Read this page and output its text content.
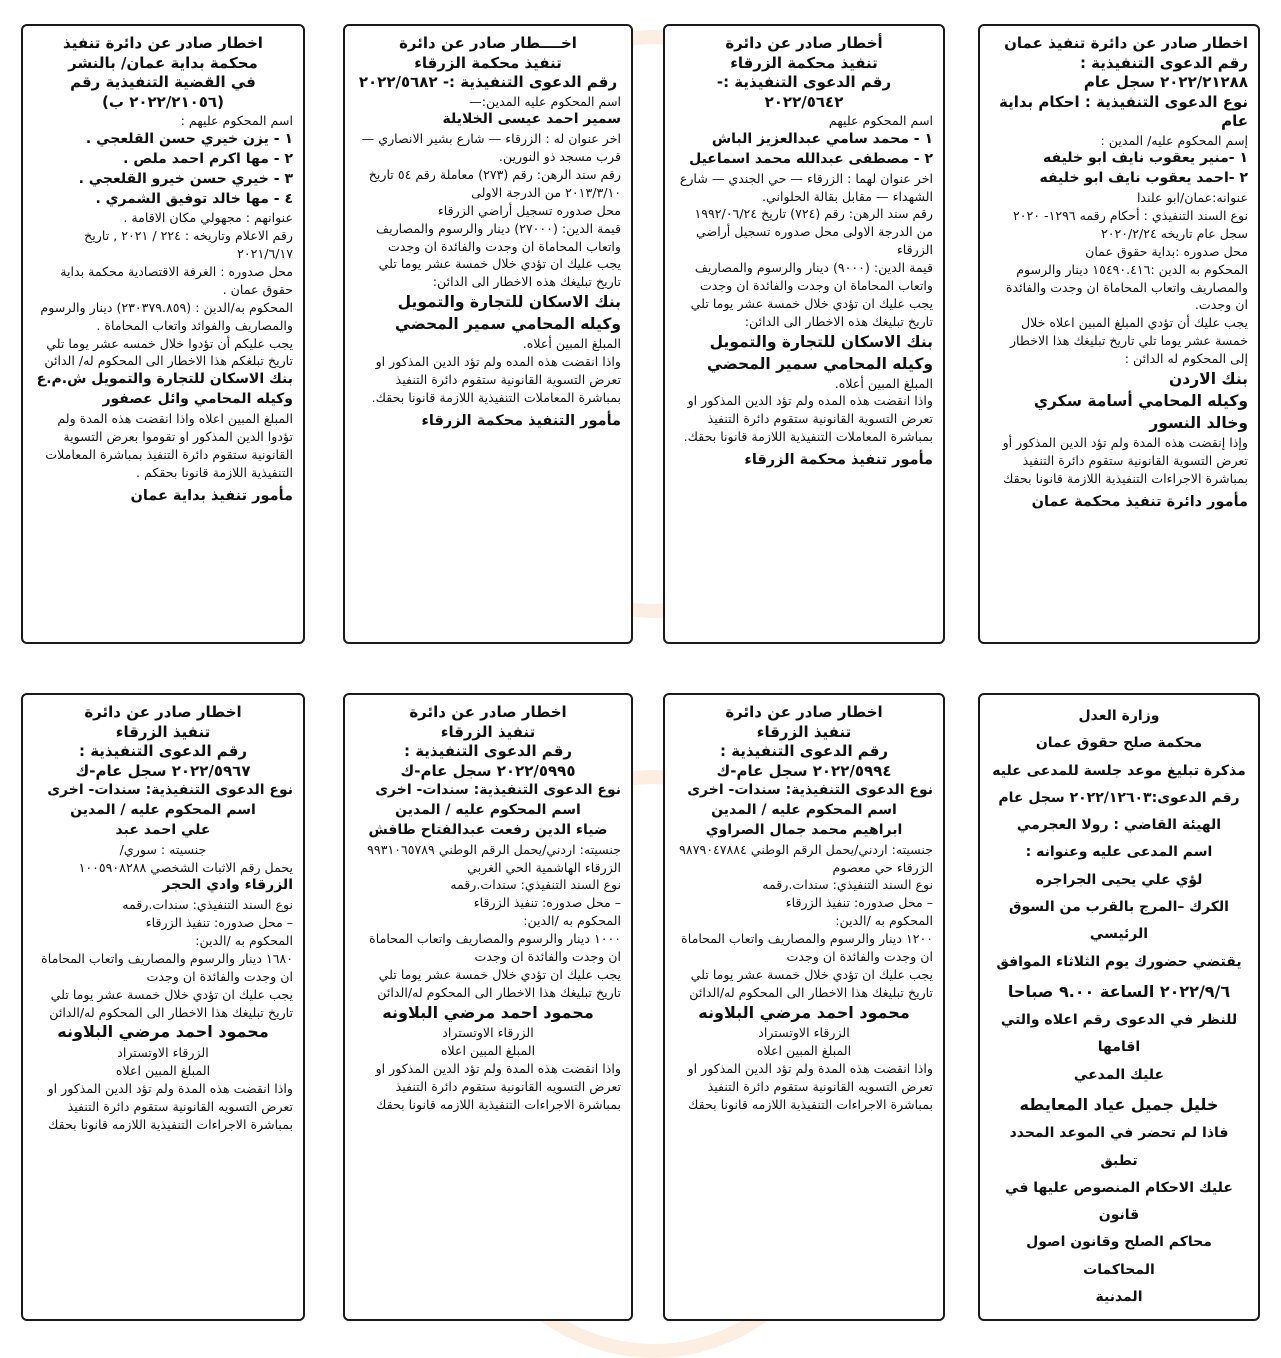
اخطار صادر عن دائرة تنفيذ عمان

رقم الدعوى التنفيذية :

٢٠٢٢/٢١٢٨٨ سجل عام

نوع الدعوى التنفيذية : احكام بداية عام

إسم المحكوم عليه/ المدين :

١ -منير يعقوب نايف ابو خليفه

٢ -احمد يعقوب نايف ابو خليفه

عنوانه:عمان/ابو علندا

نوع السند التنفيذي : أحكام رقمه ١٢٩٦- ٢٠٢٠ سجل عام تاريخه ٢٠٢٠/٢/٢٤

محل صدوره :بداية حقوق عمان

المحكوم به الدين :١٥٤٩٠.٤١٦ دينار والرسوم والمصاريف واتعاب المحاماة ان وجدت والفائدة ان وجدت.

يجب عليك أن تؤدي المبلغ المبين اعلاه خلال خمسة عشر يوما تلي تاريخ تبليغك هذا الاخطار إلى المحكوم له الدائن :

بنك الاردن

وكيله المحامي أسامة سكري وخالد النسور

وإذا إنقضت هذه المدة ولم تؤد الدين المذكور أو تعرض التسوية القانونية ستقوم دائرة التنفيذ بمباشرة الاجراءات التنفيذية اللازمة قانونا بحقك

مأمور دائرة تنفيذ محكمة عمان

أخطار صادر عن دائرة

تنفيذ محكمة الزرقاء

رقم الدعوى التنفيذية :-

٢٠٢٢/٥٦٤٢

اسم المحكوم عليهم

١ - محمد سامي عبدالعزيز الباش

٢ - مصطفى عبدالله محمد اسماعيل

اخر عنوان لهما : الزرقاء — حي الجندي — شارع الشهداء — مقابل بقالة الحلواني.

رقم سند الرهن: رقم (٧٢٤) تاريخ ١٩٩٢/٠٦/٢٤ من الدرجة الاولى محل صدوره تسجيل أراضي الزرقاء

قيمة الدين: (٩٠٠٠) دينار والرسوم والمصاريف واتعاب المحاماة ان وجدت والفائدة ان وجدت

يجب عليك ان تؤدي خلال خمسة عشر يوما تلي تاريخ تبليغك هذه الاخطار الى الدائن:

بنك الاسكان للتجارة والتمويل

وكيله المحامي سمير المحضي

المبلغ المبين أعلاه.

واذا انقضت هذه المده ولم تؤد الدين المذكور او تعرض التسوية القانونية ستقوم دائرة التنفيذ بمباشرة المعاملات التنفيذية اللازمة قانونا بحقك.

مأمور تنفيذ محكمة الزرقاء

اخــــطار صادر عن دائرة

تنفيذ محكمة الزرقاء

رقم الدعوى التنفيذية :- ٢٠٢٢/٥٦٨٢

اسم المحكوم عليه المدين:—

سمير احمد عيسى الخلايلة

اخر عنوان له : الزرقاء — شارع بشير الانصاري — قرب مسجد ذو النورين.

رقم سند الرهن: رقم (٢٧٣) معاملة رقم ٥٤ تاريخ ٢٠١٣/٣/١٠ من الدرجة الاولى

محل صدوره تسجيل أراضي الزرقاء

قيمة الدين: (٢٧٠٠٠) دينار والرسوم والمصاريف واتعاب المحاماة ان وجدت والفائدة ان وجدت

يجب عليك ان تؤدي خلال خمسة عشر يوما تلي تاريخ تبليغك هذه الاخطار الى الدائن:

بنك الاسكان للتجارة والتمويل

وكيله المحامي سمير المحضي

المبلغ المبين أعلاه.

واذا انقضت هذه المده ولم تؤد الدين المذكور او تعرض التسوية القانونية ستقوم دائرة التنفيذ بمباشرة المعاملات التنفيذية اللازمة قانونا بحقك.

مأمور التنفيذ محكمة الزرقاء

اخطار صادر عن دائرة تنفيذ

محكمة بداية عمان/ بالنشر

في القضية التنفيذية رقم

(٢٠٢٢/٢١٠٥٦ ب)

اسم المحكوم عليهم :

١ - يزن خيري حسن القلعجي .

٢ - مها اكرم احمد ملص .

٣ - خيري حسن خيرو القلعجي .

٤ - مها خالد توفيق الشمري .

عنوانهم : مجهولي مكان الاقامة .

رقم الاعلام وتاريخه : ٢٢٤ / ٢٠٢١ , تاريخ ٢٠٢١/٦/١٧

محل صدوره : الغرفة الاقتصادية محكمة بداية حقوق عمان .

المحكوم به/الدين : (٢٣٠٣٧٩.٨٥٩) دينار والرسوم والمصاريف والفوائد واتعاب المحاماة .

يجب عليكم أن تؤدوا خلال خمسه عشر يوما تلي تاريخ تبلغكم هذا الاخطار الى المحكوم له/ الدائن

بنك الاسكان للتجارة والتمويل ش.م.ع

وكيله المحامي وائل عصفور

المبلغ المبين اعلاه واذا انقضت هذه المدة ولم تؤدوا الدين المذكور او تقوموا بعرض التسوية القانونية ستقوم دائرة التنفيذ بمباشرة المعاملات التنفيذية اللازمة قانونا بحقكم .

مأمور تنفيذ بداية عمان

وزارة العدل

محكمة صلح حقوق عمان

مذكرة تبليغ موعد جلسة للمدعى عليه

رقم الدعوى:٢٠٢٢/١٢٦٠٣ سجل عام

الهيئة القاضي : رولا العجرمي

اسم المدعى عليه وعنوانه :

لؤي علي يحيى الجراجره

الكرك –المرج بالقرب من السوق الرئيسي

يقتضي حضورك يوم الثلاثاء الموافق

٢٠٢٢/٩/٦ الساعة ٩.٠٠ صباحا

للنظر في الدعوى رقم اعلاه والتي اقامها

عليك المدعي

خليل جميل عياد المعايطه

فاذا لم تحضر في الموعد المحدد تطبق

عليك الاحكام المنصوص عليها في قانون

محاكم الصلح وقانون اصول المحاكمات

المدنية

اخطار صادر عن دائرة

تنفيذ الزرقاء

رقم الدعوى التنفيذية :

٢٠٢٢/٥٩٩٤ سجل عام-ك

نوع الدعوى التنفيذية: سندات- اخرى

اسم المحكوم عليه / المدين

ابراهيم محمد جمال الصراوي

جنسيته: اردني/يحمل الرقم الوطني ٩٨٧٩٠٤٧٨٨٤

الزرقاء حي معصوم

نوع السند التنفيذي: سندات.رقمه

– محل صدوره: تنفيذ الزرقاء

المحكوم به /الدين:

١٢٠٠ دينار والرسوم والمصاريف واتعاب المحاماة ان وجدت والفائدة ان وجدت

يجب عليك ان تؤدي خلال خمسة عشر يوما تلي تاريخ تبليغك هذا الاخطار الى المحكوم له/الدائن

محمود احمد مرضي البلاونه

الزرقاء الاوتستراد

المبلغ المبين اعلاه

واذا انقضت هذه المدة ولم تؤد الدين المذكور او تعرض التسويه القانونية ستقوم دائرة التنفيذ بمباشرة الاجراءات التنفيذية اللازمه قانونا بحقك

اخطار صادر عن دائرة

تنفيذ الزرقاء

رقم الدعوى التنفيذية :

٢٠٢٢/٥٩٩٥ سجل عام-ك

نوع الدعوى التنفيذية: سندات- اخرى

اسم المحكوم عليه / المدين

ضياء الدين رفعت عبدالفتاح طافش

جنسيته: اردني/يحمل الرقم الوطني ٩٩٣١٠٦٥٧٨٩

الزرقاء الهاشمية الحي الغربي

نوع السند التنفيذي: سندات.رقمه

– محل صدوره: تنفيذ الزرقاء

المحكوم به /الدين:

١٠٠٠ دينار والرسوم والمصاريف واتعاب المحاماة ان وجدت والفائدة ان وجدت

يجب عليك ان تؤدي خلال خمسة عشر يوما تلي تاريخ تبليغك هذا الاخطار الى المحكوم له/الدائن

محمود احمد مرضي البلاونه

الزرقاء الاوتستراد

المبلغ المبين اعلاه

واذا انقضت هذه المدة ولم تؤد الدين المذكور او تعرض التسويه القانونية ستقوم دائرة التنفيذ بمباشرة الاجراءات التنفيذية اللازمه قانونا بحقك

اخطار صادر عن دائرة

تنفيذ الزرقاء

رقم الدعوى التنفيذية :

٢٠٢٢/٥٩٦٧ سجل عام-ك

نوع الدعوى التنفيذية: سندات- اخرى

اسم المحكوم عليه / المدين

علي احمد عبد

جنسيته : سوري/

يحمل رقم الاثبات الشخصي ١٠٠٥٩٠٨٢٨٨

الزرقاء وادي الحجر

نوع السند التنفيذي: سندات.رقمه

– محل صدوره: تنفيذ الزرقاء

المحكوم به /الدين:

١٦٨٠ دينار والرسوم والمصاريف واتعاب المحاماة ان وجدت والفائدة ان وجدت

يجب عليك ان تؤدي خلال خمسة عشر يوما تلي تاريخ تبليغك هذا الاخطار الى المحكوم له/الدائن

محمود احمد مرضي البلاونه

الزرقاء الاوتستراد

المبلغ المبين اعلاه

واذا انقضت هذه المدة ولم تؤد الدين المذكور او تعرض التسويه القانونية ستقوم دائرة التنفيذ بمباشرة الاجراءات التنفيذية اللازمه قانونا بحقك
